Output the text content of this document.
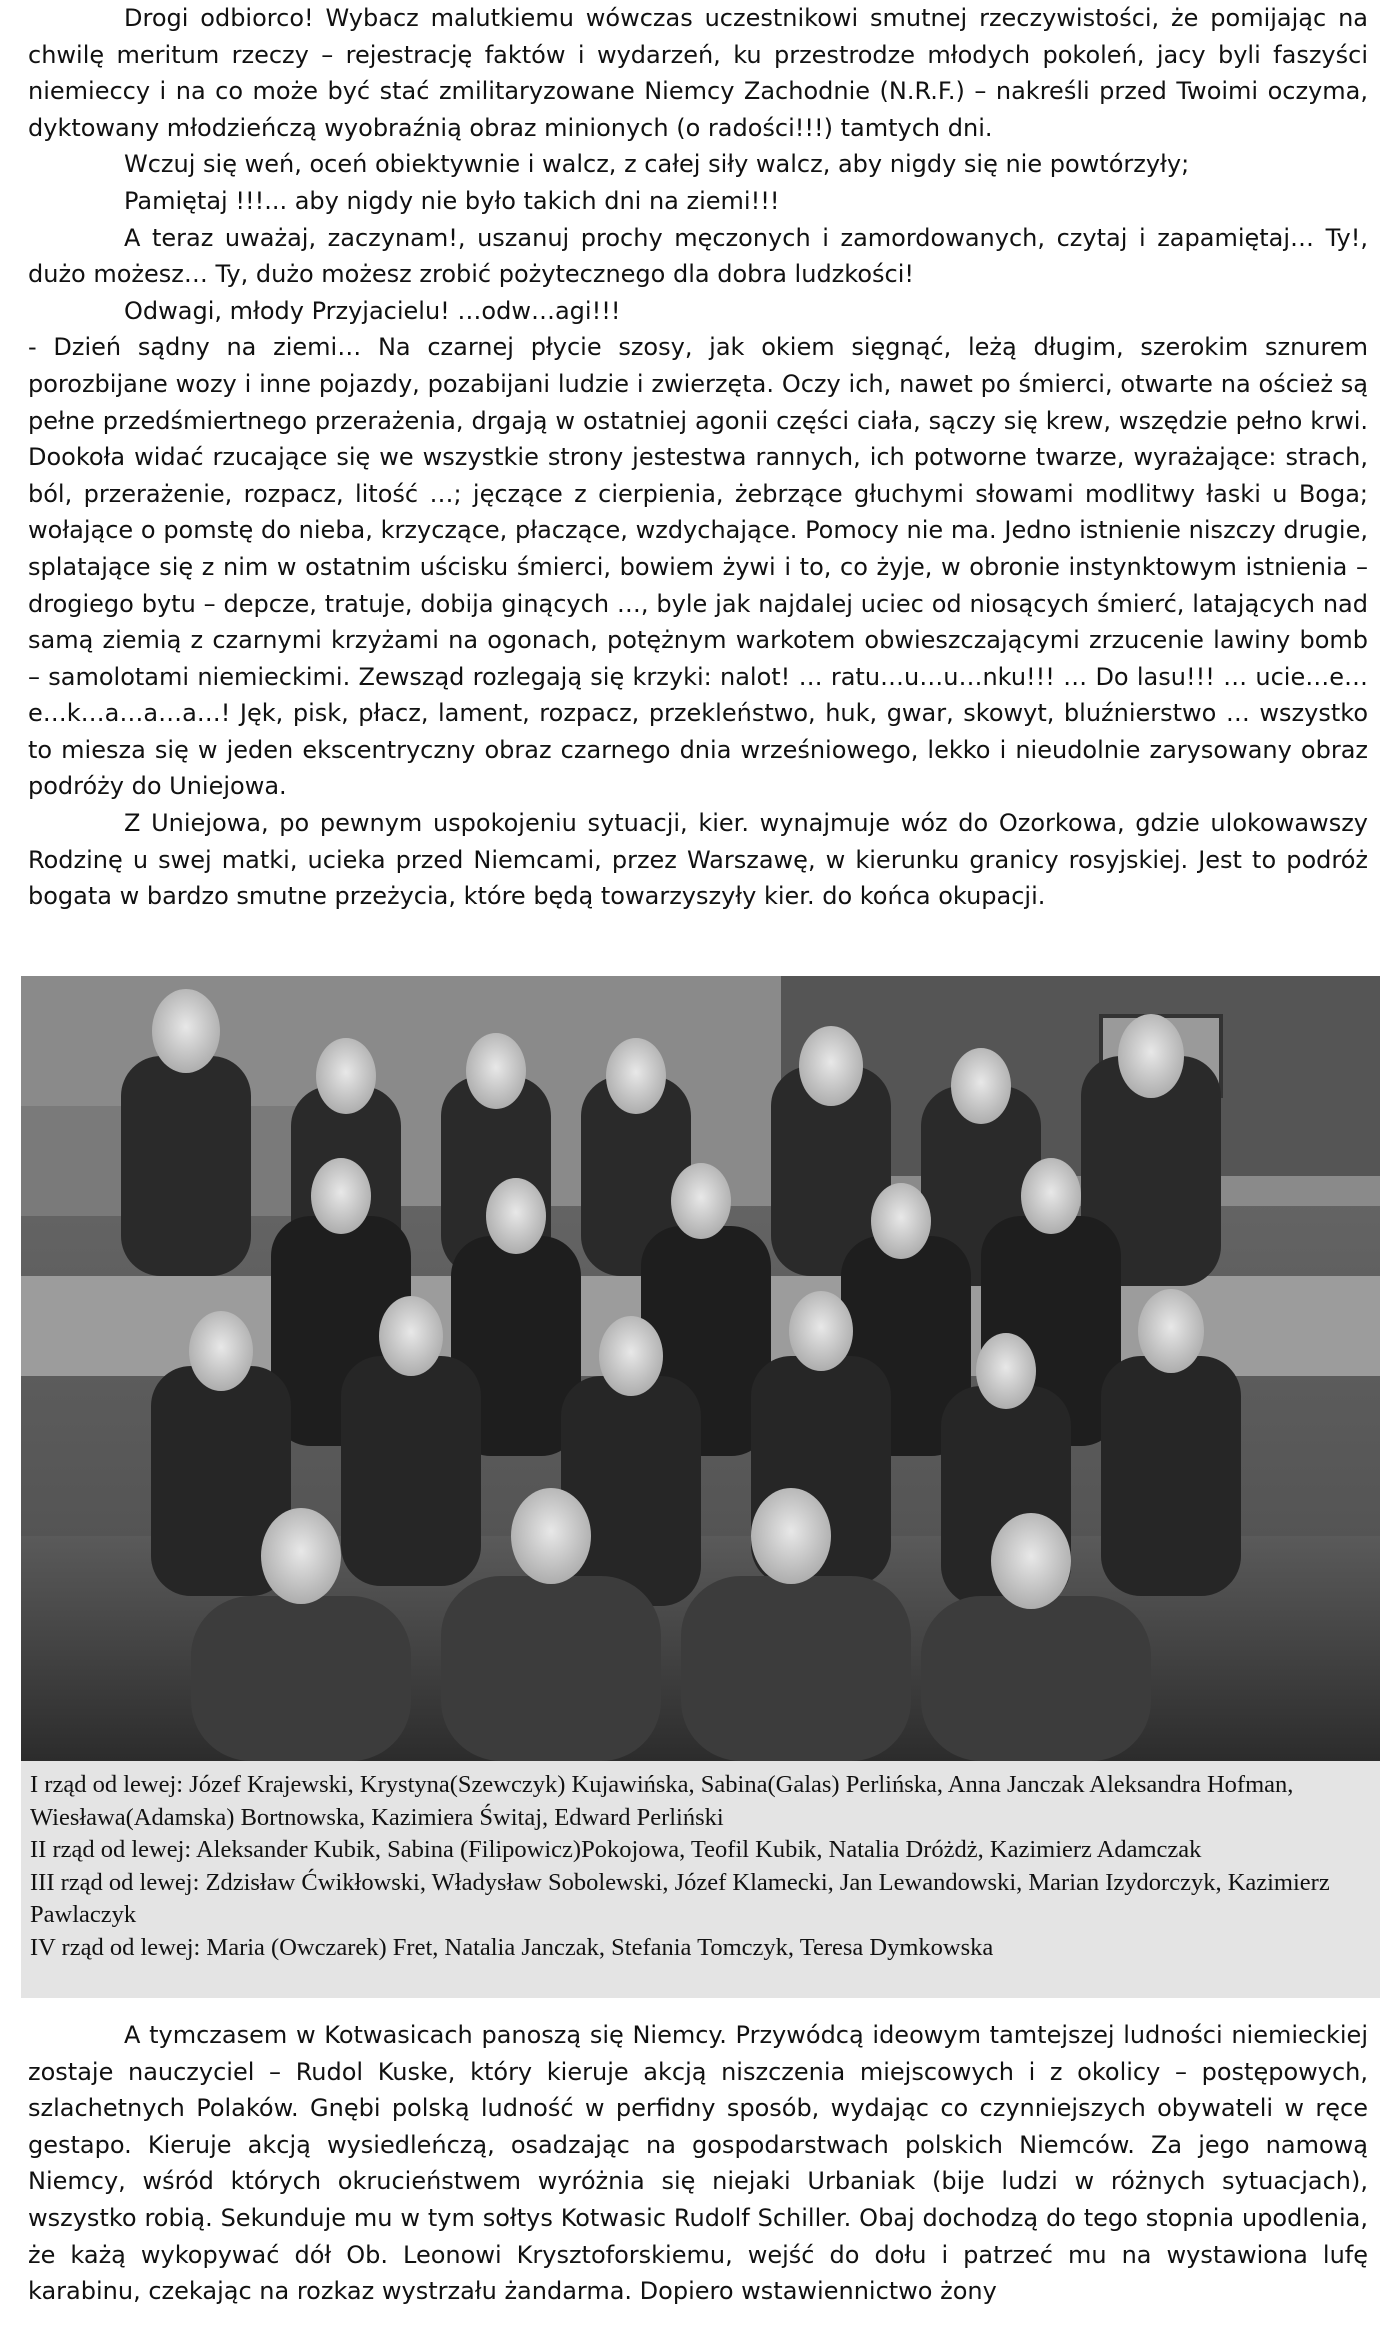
Drogi odbiorco! Wybacz malutkiemu wówczas uczestnikowi smutnej rzeczywistości, że pomijając na chwilę meritum rzeczy – rejestrację faktów i wydarzeń, ku przestrodze młodych pokoleń, jacy byli faszyści niemieccy i na co może być stać zmilitaryzowane Niemcy Zachodnie (N.R.F.) – nakreśli przed Twoimi oczyma, dyktowany młodzieńczą wyobraźnią obraz minionych (o radości!!!) tamtych dni.

Wczuj się weń, oceń obiektywnie i walcz, z całej siły walcz, aby nigdy się nie powtórzyły;

Pamiętaj !!!... aby nigdy nie było takich dni na ziemi!!!

A teraz uważaj, zaczynam!, uszanuj prochy męczonych i zamordowanych, czytaj i zapamiętaj… Ty!, dużo możesz… Ty, dużo możesz zrobić pożytecznego dla dobra ludzkości!

Odwagi, młody Przyjacielu! …odw…agi!!!

- Dzień sądny na ziemi… Na czarnej płycie szosy, jak okiem sięgnąć, leżą długim, szerokim sznurem porozbijane wozy i inne pojazdy, pozabijani ludzie i zwierzęta. Oczy ich, nawet po śmierci, otwarte na oścież są pełne przedśmiertnego przerażenia, drgają w ostatniej agonii części ciała, sączy się krew, wszędzie pełno krwi. Dookoła widać rzucające się we wszystkie strony jestestwa rannych, ich potworne twarze, wyrażające: strach, ból, przerażenie, rozpacz, litość …; jęczące z cierpienia, żebrzące głuchymi słowami modlitwy łaski u Boga; wołające o pomstę do nieba, krzyczące, płaczące, wzdychające. Pomocy nie ma. Jedno istnienie niszczy drugie, splatające się z nim w ostatnim uścisku śmierci, bowiem żywi i to, co żyje, w obronie instynktowym istnienia – drogiego bytu – depcze, tratuje, dobija ginących …, byle jak najdalej uciec od niosących śmierć, latających nad samą ziemią z czarnymi krzyżami na ogonach, potężnym warkotem obwieszczającymi zrzucenie lawiny bomb – samolotami niemieckimi. Zewsząd rozlegają się krzyki: nalot! … ratu…u…u…nku!!! … Do lasu!!! … ucie…e…e…k…a…a…a…! Jęk, pisk, płacz, lament, rozpacz, przekleństwo, huk, gwar, skowyt, bluźnierstwo … wszystko to miesza się w jeden ekscentryczny obraz czarnego dnia wrześniowego, lekko i nieudolnie zarysowany obraz podróży do Uniejowa.

Z Uniejowa, po pewnym uspokojeniu sytuacji, kier. wynajmuje wóz do Ozorkowa, gdzie ulokowawszy Rodzinę u swej matki, ucieka przed Niemcami, przez Warszawę, w kierunku granicy rosyjskiej. Jest to podróż bogata w bardzo smutne przeżycia, które będą towarzyszyły kier. do końca okupacji.

I rząd od lewej: Józef Krajewski, Krystyna(Szewczyk) Kujawińska, Sabina(Galas) Perlińska, Anna Janczak Aleksandra Hofman, Wiesława(Adamska) Bortnowska, Kazimiera Świtaj, Edward Perliński

II rząd od lewej: Aleksander Kubik, Sabina (Filipowicz)Pokojowa, Teofil Kubik, Natalia Dróżdż, Kazimierz Adamczak

III rząd od lewej: Zdzisław Ćwikłowski, Władysław Sobolewski, Józef Klamecki, Jan Lewandowski, Marian Izydorczyk, Kazimierz Pawlaczyk

IV rząd od lewej: Maria (Owczarek) Fret, Natalia Janczak, Stefania Tomczyk, Teresa Dymkowska

A tymczasem w Kotwasicach panoszą się Niemcy. Przywódcą ideowym tamtejszej ludności niemieckiej zostaje nauczyciel – Rudol Kuske, który kieruje akcją niszczenia miejscowych i z okolicy – postępowych, szlachetnych Polaków. Gnębi polską ludność w perfidny sposób, wydając co czynniejszych obywateli w ręce gestapo. Kieruje akcją wysiedleńczą, osadzając na gospodarstwach polskich Niemców. Za jego namową Niemcy, wśród których okrucieństwem wyróżnia się niejaki Urbaniak (bije ludzi w różnych sytuacjach), wszystko robią. Sekunduje mu w tym sołtys Kotwasic Rudolf Schiller. Obaj dochodzą do tego stopnia upodlenia, że każą wykopywać dół Ob. Leonowi Krysztoforskiemu, wejść do dołu i patrzeć mu na wystawiona lufę karabinu, czekając na rozkaz wystrzału żandarma. Dopiero wstawiennictwo żony
